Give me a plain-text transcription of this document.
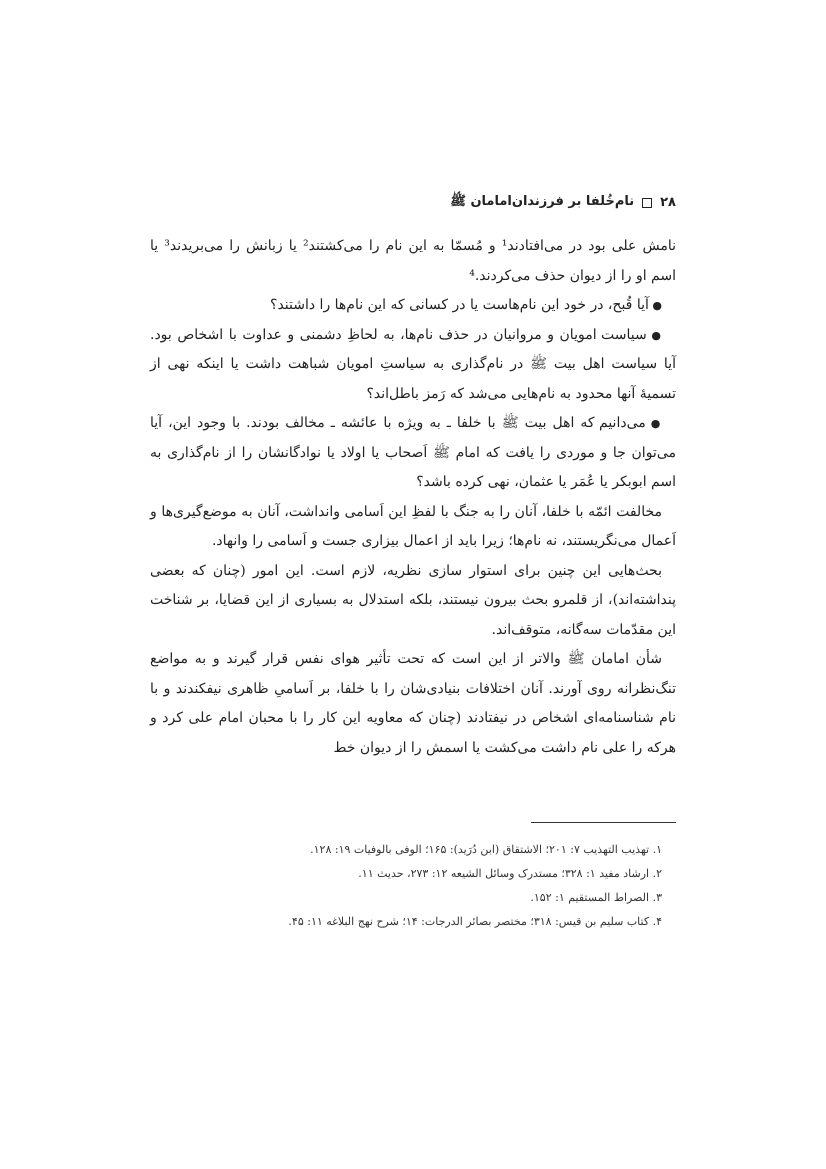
۲۸
نام‌خُلفا بر فرزندان‌امامان ﷺ

نامش علی بود در می‌افتادند¹ و مُسمّا به این نام را می‌کشتند² یا زبانش را می‌بریدند³ یا اسم او را از دیوان حذف می‌کردند.⁴

● آیا قُبح، در خود این نام‌هاست یا در کسانی که این نام‌ها را داشتند؟

● سیاست امویان و مروانیان در حذف نام‌ها، به لحاظِ دشمنی و عداوت با اشخاص بود. آیا سیاست اهل بیت ﷺ در نام‌گذاری به سیاستِ امویان شباهت داشت یا اینکه نهی از تسمیهٔ آنها محدود به نام‌هایی می‌شد که رَمز باطل‌اند؟

● می‌دانیم که اهل بیت ﷺ با خلفا ـ به ویژه با عائشه ـ مخالف بودند. با وجود این، آیا می‌توان جا و موردی را یافت که امام ﷺ اَصحاب یا اولاد یا نوادگانشان را از نام‌گذاری به اسم ابوبکر یا عُمَر یا عثمان، نهی کرده باشد؟

مخالفت ائمّه با خلفا، آنان را به جنگ با لفظِ این اَسامی وانداشت، آنان به موضع‌گیری‌ها و اَعمال می‌نگریستند، نه نام‌ها؛ زیرا باید از اعمال بیزاری جست و اَسامی را وانهاد.

بحث‌هایی این چنین برای استوار سازی نظریه، لازم است. این امور (چنان که بعضی پنداشته‌اند)، از قلمرو بحث بیرون نیستند، بلکه استدلال به بسیاری از این قضایا، بر شناخت این مقدّمات سه‌گانه، متوقف‌اند.

شأن امامان ﷺ والاتر از این است که تحت تأثیر هوای نفس قرار گیرند و به مواضع تنگ‌نظرانه روی آورند. آنان اختلافات بنیادی‌شان را با خلفا، بر اَسامیِ ظاهری نیفکندند و با نام شناسنامه‌ای اشخاص در نیفتادند (چنان که معاویه این کار را با محبان امام علی کرد و هرکه را علی نام داشت می‌کشت یا اسمش را از دیوان خط

۱. تهذیب التهذیب ۷: ۲۰۱؛ الاشتقاق (ابن دُرَید): ۱۶۵؛ الوفی بالوفیات ۱۹: ۱۲۸.
۲. ارشاد مفید ۱: ۳۲۸؛ مستدرک وسائل الشیعه ۱۲: ۲۷۳، حدیث ۱۱.
۳. الصراط المستقیم ۱: ۱۵۲.
۴. کتاب سلیم بن قیس: ۳۱۸؛ مختصر بصائر الدرجات: ۱۴؛ شرح نهج البلاغه ۱۱: ۴۵.
